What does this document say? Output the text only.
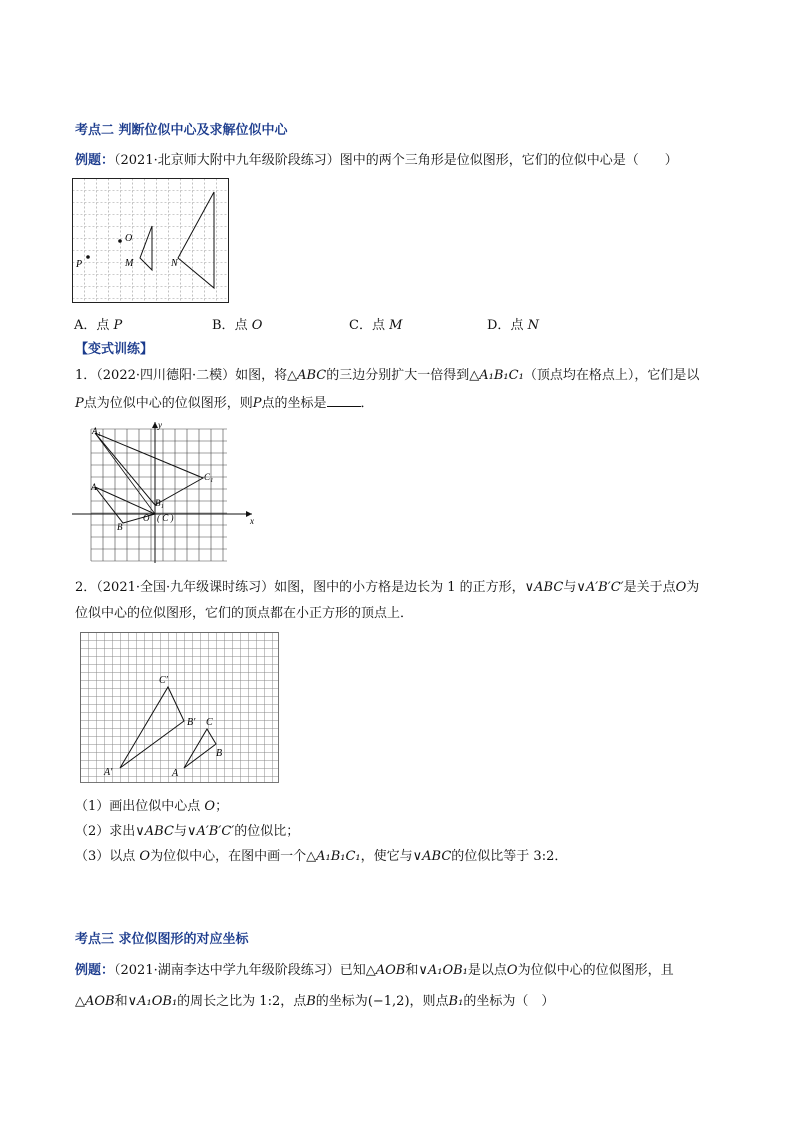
考点二 判断位似中心及求解位似中心
例题：（2021·北京师大附中九年级阶段练习）图中的两个三角形是位似图形，它们的位似中心是（　　）
O
P	M	N
A．点 P	B．点 O	C．点 M	D．点 N
【变式训练】
1．（2022·四川德阳·二模）如图，将△ABC的三边分别扩大一倍得到△A₁B₁C₁（顶点均在格点上），它们是以
P点为位似中心的位似图形，则P点的坐标是	．
A₁
A
B
B₁
C₁
O ( C )	x
y
2．（2021·全国·九年级课时练习）如图，图中的小方格是边长为 1 的正方形，∨ABC与∨A′B′C′是关于点O为
位似中心的位似图形，它们的顶点都在小正方形的顶点上．
C′
B′
A′
C
B
A
（1）画出位似中心点 O；
（2）求出∨ABC与∨A′B′C′的位似比；
（3）以点 O为位似中心，在图中画一个△A₁B₁C₁，使它与∨ABC的位似比等于 3:2．
考点三 求位似图形的对应坐标
例题：（2021·湖南李达中学九年级阶段练习）已知△AOB和∨A₁OB₁是以点O为位似中心的位似图形，且
△AOB和∨A₁OB₁的周长之比为 1:2，点B的坐标为(−1,2)，则点B₁的坐标为（　）
